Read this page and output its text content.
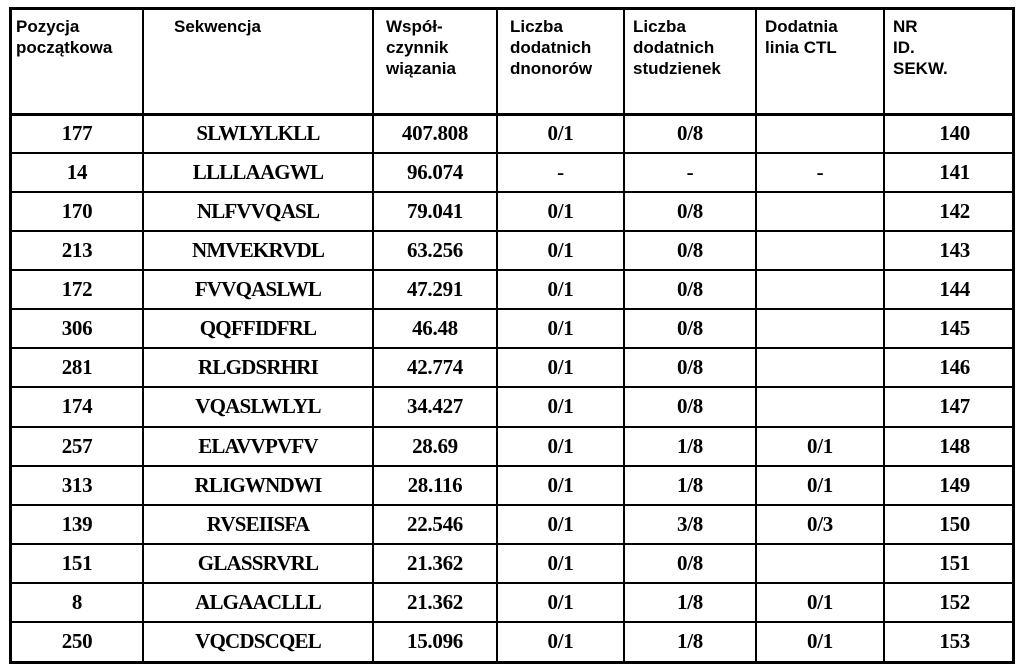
Pozycja
początkowa	Sekwencja	Współ-
czynnik
wiązania	Liczba
dodatnich
dnonorów	Liczba
dodatnich
studzienek	Dodatnia
linia CTL	NR
ID.
SEKW.
177	SLWLYLKLL	407.808	0/1	0/8		140
14	LLLLAAGWL	96.074	-	-	-	141
170	NLFVVQASL	79.041	0/1	0/8		142
213	NMVEKRVDL	63.256	0/1	0/8		143
172	FVVQASLWL	47.291	0/1	0/8		144
306	QQFFIDFRL	46.48	0/1	0/8		145
281	RLGDSRHRI	42.774	0/1	0/8		146
174	VQASLWLYL	34.427	0/1	0/8		147
257	ELAVVPVFV	28.69	0/1	1/8	0/1	148
313	RLIGWNDWI	28.116	0/1	1/8	0/1	149
139	RVSEIISFA	22.546	0/1	3/8	0/3	150
151	GLASSRVRL	21.362	0/1	0/8		151
8	ALGAACLLL	21.362	0/1	1/8	0/1	152
250	VQCDSCQEL	15.096	0/1	1/8	0/1	153
